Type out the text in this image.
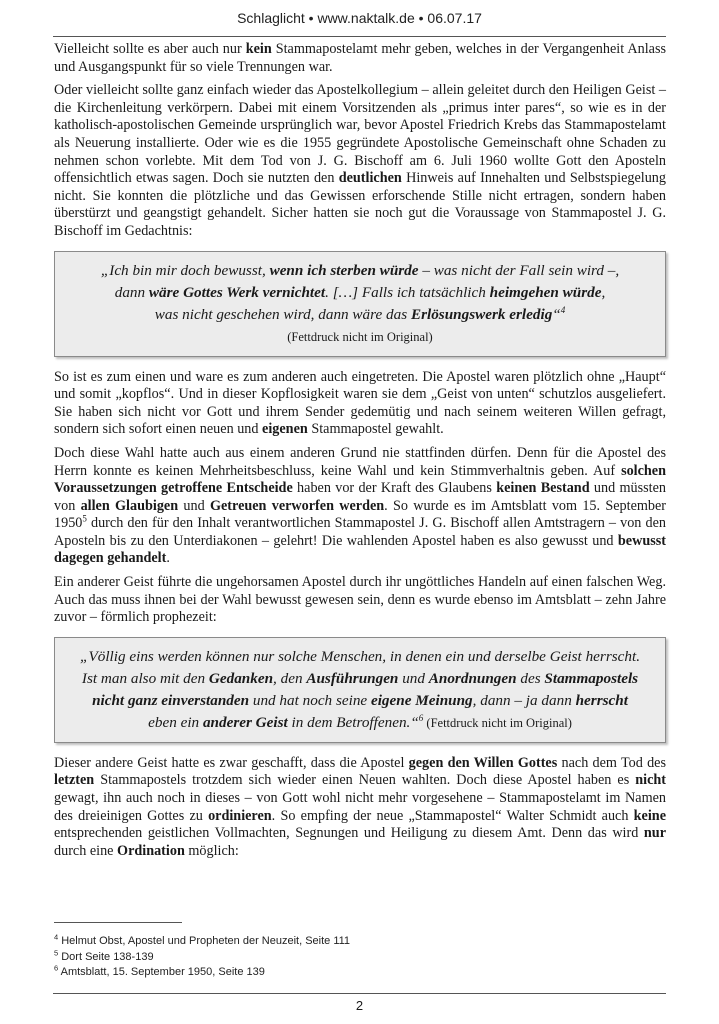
Schlaglicht • www.naktalk.de • 06.07.17

Vielleicht sollte es aber auch nur kein Stammapostelamt mehr geben, welches in der Vergangenheit Anlass und Ausgangspunkt für so viele Trennungen war.

Oder vielleicht sollte ganz einfach wieder das Apostelkollegium – allein geleitet durch den Heiligen Geist – die Kirchenleitung verkörpern. Dabei mit einem Vorsitzenden als „primus inter pares“, so wie es in der katholisch-apostolischen Gemeinde ursprünglich war, bevor Apostel Friedrich Krebs das Stammapostelamt als Neuerung installierte. Oder wie es die 1955 gegründete Apostolische Gemeinschaft ohne Schaden zu nehmen schon vorlebte. Mit dem Tod von J. G. Bischoff am 6. Juli 1960 wollte Gott den Aposteln offensichtlich etwas sagen. Doch sie nutzten den deutlichen Hinweis auf Innehalten und Selbstspiegelung nicht. Sie konnten die plötzliche und das Gewissen erforschende Stille nicht ertragen, sondern haben überstürzt und geangstigt gehandelt. Sicher hatten sie noch gut die Voraussage von Stammapostel J. G. Bischoff im Gedachtnis:

„Ich bin mir doch bewusst, wenn ich sterben würde – was nicht der Fall sein wird –,
dann wäre Gottes Werk vernichtet. […] Falls ich tatsächlich heimgehen würde,
was nicht geschehen wird, dann wäre das Erlösungswerk erledig“$^4$
(Fettdruck nicht im Original)

So ist es zum einen und ware es zum anderen auch eingetreten. Die Apostel waren plötzlich ohne „Haupt“ und somit „kopflos“. Und in dieser Kopflosigkeit waren sie dem „Geist von unten“ schutzlos ausgeliefert. Sie haben sich nicht vor Gott und ihrem Sender gedemütig und nach seinem weiteren Willen gefragt, sondern sich sofort einen neuen und eigenen Stammapostel gewahlt.

Doch diese Wahl hatte auch aus einem anderen Grund nie stattfinden dürfen. Denn für die Apostel des Herrn konnte es keinen Mehrheitsbeschluss, keine Wahl und kein Stimmverhaltnis geben. Auf solchen Voraussetzungen getroffene Entscheide haben vor der Kraft des Glaubens keinen Bestand und müssten von allen Glaubigen und Getreuen verworfen werden. So wurde es im Amtsblatt vom 15. September 1950$^5$ durch den für den Inhalt verantwortlichen Stammapostel J. G. Bischoff allen Amtstragern – von den Aposteln bis zu den Unterdiakonen – gelehrt! Die wahlenden Apostel haben es also gewusst und bewusst dagegen gehandelt.

Ein anderer Geist führte die ungehorsamen Apostel durch ihr ungöttliches Handeln auf einen falschen Weg. Auch das muss ihnen bei der Wahl bewusst gewesen sein, denn es wurde ebenso im Amtsblatt – zehn Jahre zuvor – förmlich prophezeit:

„Völlig eins werden können nur solche Menschen, in denen ein und derselbe Geist herrscht.
Ist man also mit den Gedanken, den Ausführungen und Anordnungen des Stammapostels
nicht ganz einverstanden und hat noch seine eigene Meinung, dann – ja dann herrscht
eben ein anderer Geist in dem Betroffenen.“$^6$ (Fettdruck nicht im Original)

Dieser andere Geist hatte es zwar geschafft, dass die Apostel gegen den Willen Gottes nach dem Tod des letzten Stammapostels trotzdem sich wieder einen Neuen wahlten. Doch diese Apostel haben es nicht gewagt, ihn auch noch in dieses – von Gott wohl nicht mehr vorgesehene – Stammapostelamt im Namen des dreieinigen Gottes zu ordinieren. So empfing der neue „Stammapostel“ Walter Schmidt auch keine entsprechenden geistlichen Vollmachten, Segnungen und Heiligung zu diesem Amt. Denn das wird nur durch eine Ordination möglich:

$^4$ Helmut Obst, Apostel und Propheten der Neuzeit, Seite 111
$^5$ Dort Seite 138-139
$^6$ Amtsblatt, 15. September 1950, Seite 139
2
